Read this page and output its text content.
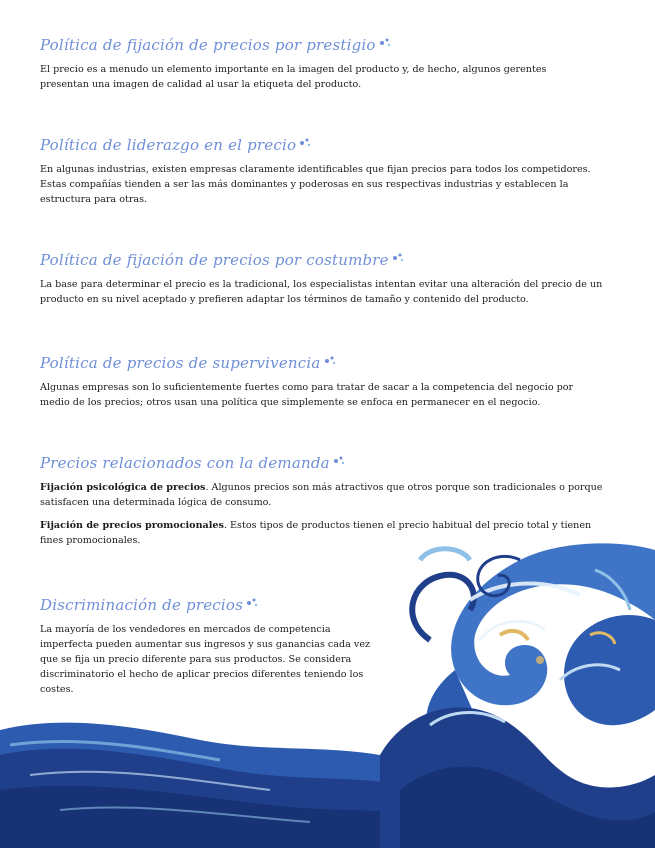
Política de fijación de precios por prestigio

El precio es a menudo un elemento importante en la imagen del producto y, de hecho, algunos gerentes presentan una imagen de calidad al usar la etiqueta del producto.

Política de liderazgo en el precio

En algunas industrias, existen empresas claramente identificables que fijan precios para todos los competidores. Estas compañías tienden a ser las más dominantes y poderosas en sus respectivas industrias y establecen la estructura para otras.

Política de fijación de precios por costumbre

La base para determinar el precio es la tradicional, los especialistas intentan evitar una alteración del precio de un producto en su nivel aceptado y prefieren adaptar los términos de tamaño y contenido del producto.

Política de precios de supervivencia

Algunas empresas son lo suficientemente fuertes como para tratar de sacar a la competencia del negocio por medio de los precios; otros usan una política que simplemente se enfoca en permanecer en el negocio.

Precios relacionados con la demanda

Fijación psicológica de precios. Algunos precios son más atractivos que otros porque son tradicionales o porque satisfacen una determinada lógica de consumo.

Fijación de precios promocionales. Estos tipos de productos tienen el precio habitual del precio total y tienen fines promocionales.

Discriminación de precios

La mayoría de los vendedores en mercados de competencia imperfecta pueden aumentar sus ingresos y sus ganancias cada vez que se fija un precio diferente para sus productos. Se considera discriminatorio el hecho de aplicar precios diferentes teniendo los costes.
